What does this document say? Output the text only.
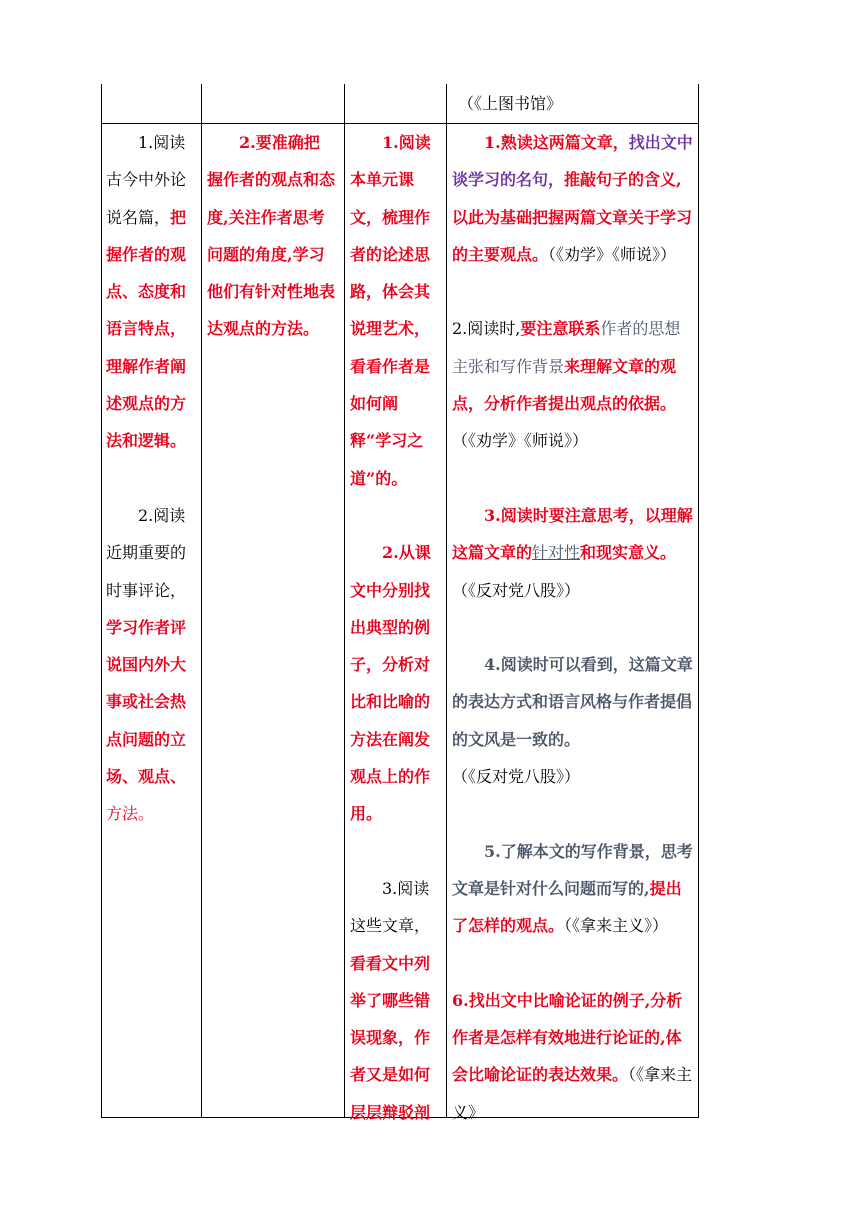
（《上图书馆》

1.阅读古今中外论说名篇，把握作者的观点、态度和语言特点，理解作者阐述观点的方法和逻辑。

2.阅读近期重要的时事评论，学习作者评说国内外大事或社会热点问题的立场、观点、方法。

2.要准确把握作者的观点和态度,关注作者思考问题的角度,学习他们有针对性地表达观点的方法。

1.阅读本单元课文，梳理作者的论述思路，体会其说理艺术，看看作者是如何阐释“学习之道”的。

2.从课文中分别找出典型的例子，分析对比和比喻的方法在阐发观点上的作用。

3.阅读这些文章，看看文中列举了哪些错误现象，作者又是如何层层辩驳剖

1.熟读这两篇文章，找出文中谈学习的名句，推敲句子的含义,以此为基础把握两篇文章关于学习的主要观点。（《劝学》《师说》）

2.阅读时,要注意联系作者的思想主张和写作背景来理解文章的观点，分析作者提出观点的依据。（《劝学》《师说》）

3.阅读时要注意思考，以理解这篇文章的针对性和现实意义。（《反对党八股》）

4.阅读时可以看到，这篇文章的表达方式和语言风格与作者提倡的文风是一致的。（《反对党八股》）

5.了解本文的写作背景，思考文章是针对什么问题而写的,提出了怎样的观点。（《拿来主义》）

6.找出文中比喻论证的例子,分析作者是怎样有效地进行论证的,体会比喻论证的表达效果。（《拿来主义》
